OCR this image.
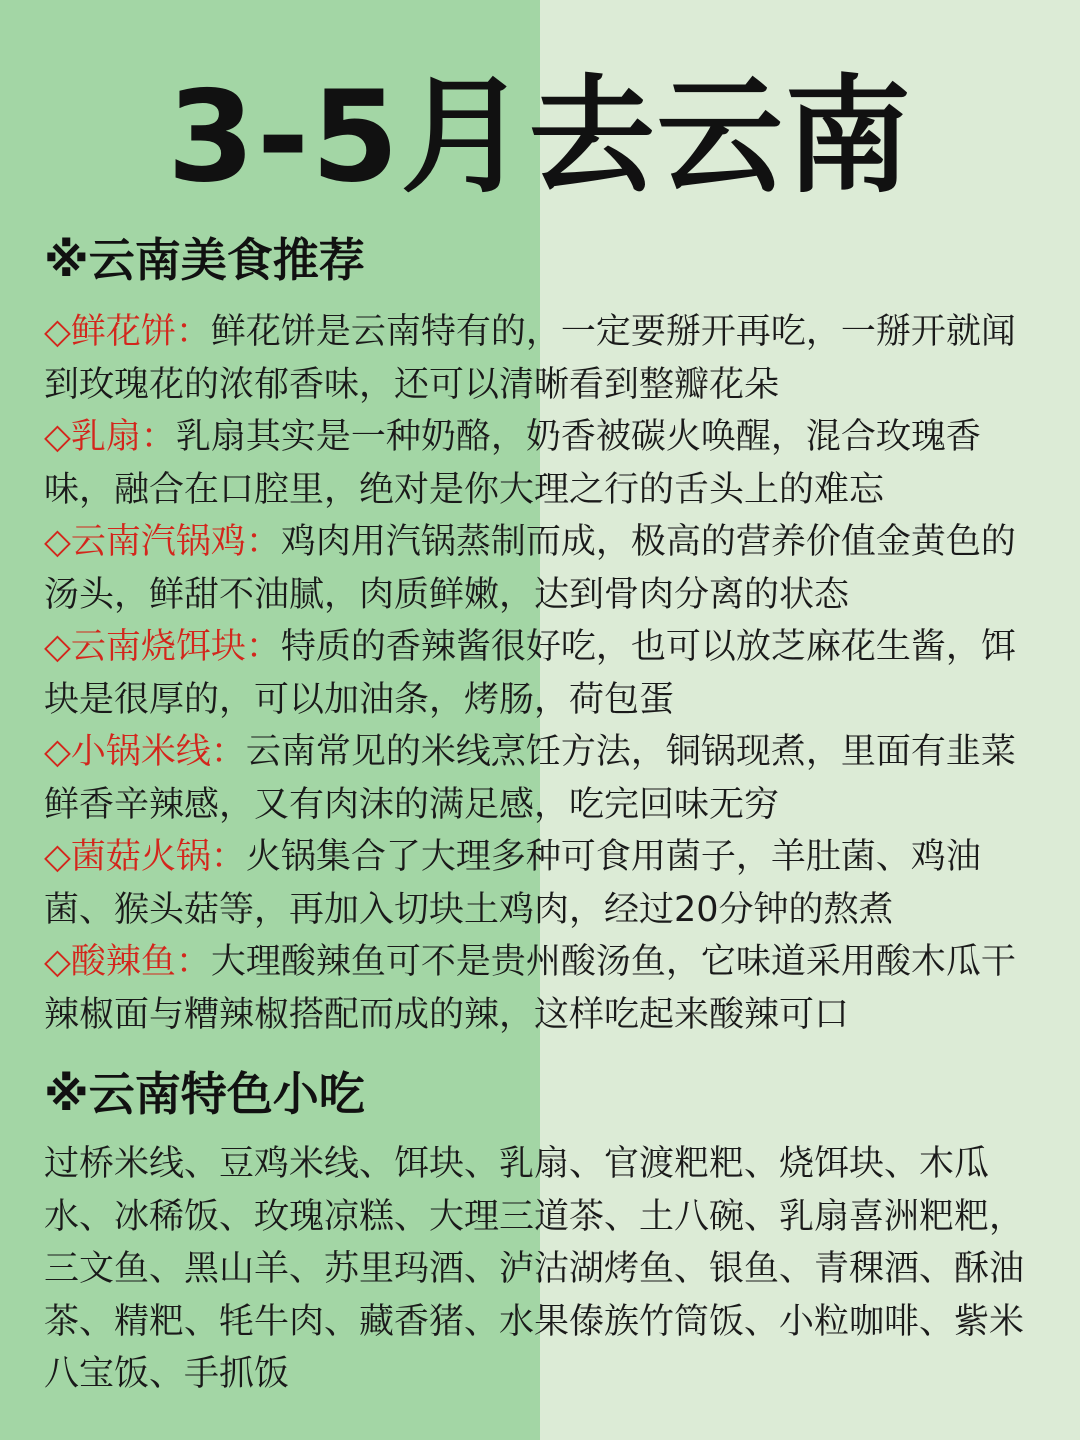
3-5月去云南
※云南美食推荐
◇鲜花饼：鲜花饼是云南特有的，一定要掰开再吃，一掰开就闻到玫瑰花的浓郁香味，还可以清晰看到整瓣花朵
◇乳扇：乳扇其实是一种奶酪，奶香被碳火唤醒，混合玫瑰香味，融合在口腔里，绝对是你大理之行的舌头上的难忘
◇云南汽锅鸡：鸡肉用汽锅蒸制而成，极高的营养价值金黄色的汤头，鲜甜不油腻，肉质鲜嫩，达到骨肉分离的状态
◇云南烧饵块：特质的香辣酱很好吃，也可以放芝麻花生酱，饵块是很厚的，可以加油条，烤肠，荷包蛋
◇小锅米线：云南常见的米线烹饪方法，铜锅现煮，里面有韭菜鲜香辛辣感，又有肉沫的满足感，吃完回味无穷
◇菌菇火锅：火锅集合了大理多种可食用菌子，羊肚菌、鸡油菌、猴头菇等，再加入切块土鸡肉，经过20分钟的熬煮
◇酸辣鱼：大理酸辣鱼可不是贵州酸汤鱼，它味道采用酸木瓜干辣椒面与糟辣椒搭配而成的辣，这样吃起来酸辣可口
※云南特色小吃

过桥米线、豆鸡米线、饵块、乳扇、官渡粑粑、烧饵块、木瓜水、冰稀饭、玫瑰凉糕、大理三道茶、土八碗、乳扇喜洲粑粑，三文鱼、黑山羊、苏里玛酒、泸沽湖烤鱼、银鱼、青稞酒、酥油茶、精粑、牦牛肉、藏香猪、水果傣族竹筒饭、小粒咖啡、紫米八宝饭、手抓饭
